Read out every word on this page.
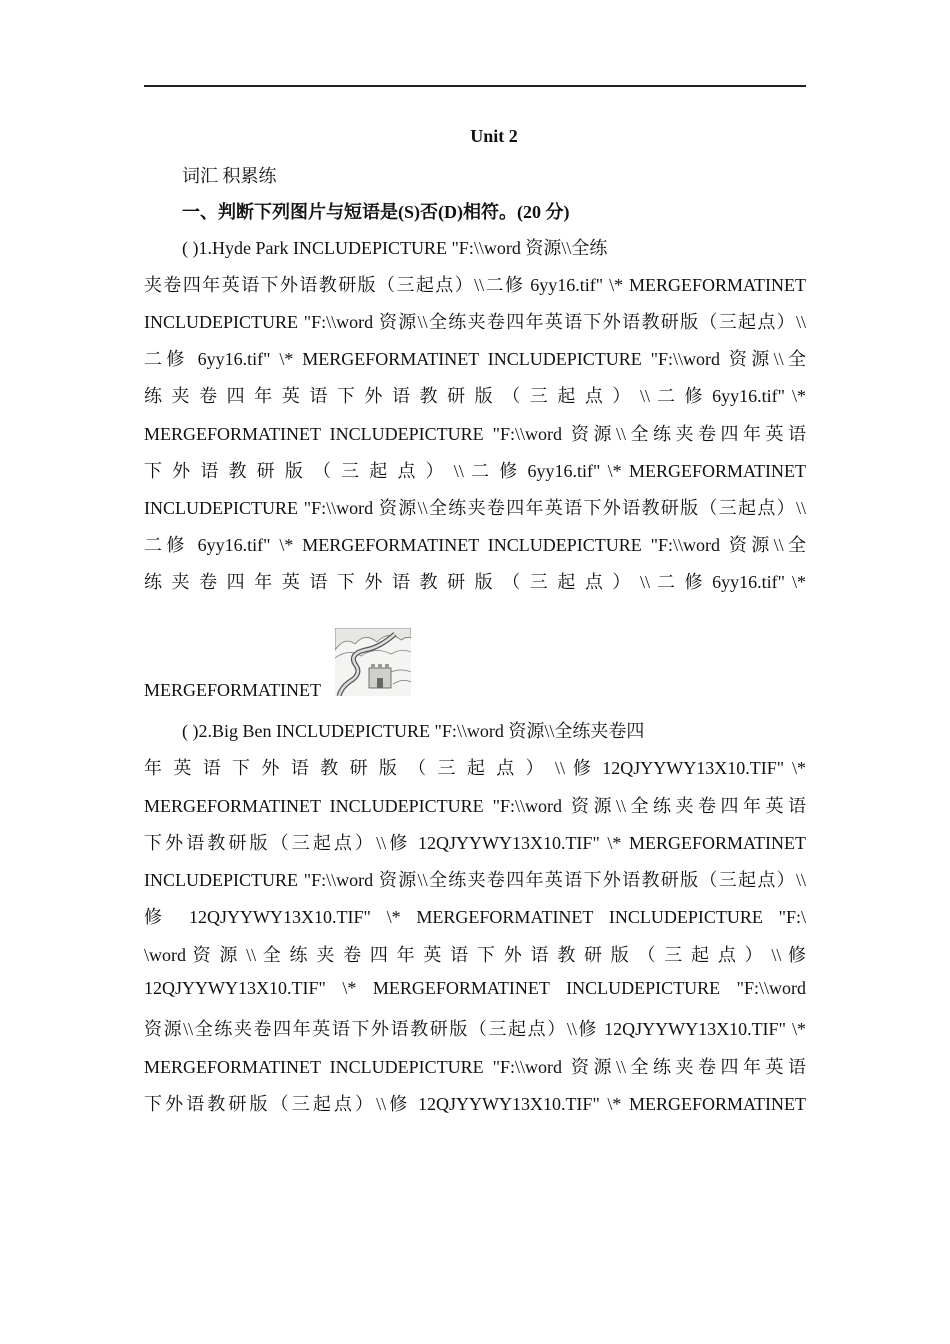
Unit 2
词汇 积累练
一、判断下列图片与短语是(S)否(D)相符。(20 分)
( )1.Hyde Park INCLUDEPICTURE "F:\\word 资源\\全练
夹卷四年英语下外语教研版（三起点）\\二修 6yy16.tif" \* MERGEFORMATINET
INCLUDEPICTURE "F:\\word 资源\\全练夹卷四年英语下外语教研版（三起点）\\
二修 6yy16.tif" \* MERGEFORMATINET INCLUDEPICTURE "F:\\word 资源\\全
练 夹 卷 四 年 英 语 下 外 语 教 研 版 （ 三 起 点 ） \\ 二 修 6yy16.tif" \*
MERGEFORMATINET INCLUDEPICTURE "F:\\word 资源\\全练夹卷四年英语
下 外 语 教 研 版 （ 三 起 点 ） \\ 二 修 6yy16.tif" \* MERGEFORMATINET
INCLUDEPICTURE "F:\\word 资源\\全练夹卷四年英语下外语教研版（三起点）\\
二修 6yy16.tif" \* MERGEFORMATINET INCLUDEPICTURE "F:\\word 资源\\全
练 夹 卷 四 年 英 语 下 外 语 教 研 版 （ 三 起 点 ） \\ 二 修 6yy16.tif" \*
MERGEFORMATINET
( )2.Big Ben INCLUDEPICTURE "F:\\word 资源\\全练夹卷四
年 英 语 下 外 语 教 研 版 （ 三 起 点 ） \\ 修 12QJYYWY13X10.TIF" \*
MERGEFORMATINET INCLUDEPICTURE "F:\\word 资源\\全练夹卷四年英语
下外语教研版（三起点）\\修 12QJYYWY13X10.TIF" \* MERGEFORMATINET
INCLUDEPICTURE "F:\\word 资源\\全练夹卷四年英语下外语教研版（三起点）\\
修 12QJYYWY13X10.TIF" \* MERGEFORMATINET INCLUDEPICTURE "F:\
\word 资 源 \\ 全 练 夹 卷 四 年 英 语 下 外 语 教 研 版 （ 三 起 点 ） \\ 修
12QJYYWY13X10.TIF" \* MERGEFORMATINET INCLUDEPICTURE "F:\\word
资源\\全练夹卷四年英语下外语教研版（三起点）\\修 12QJYYWY13X10.TIF" \*
MERGEFORMATINET INCLUDEPICTURE "F:\\word 资源\\全练夹卷四年英语
下外语教研版（三起点）\\修 12QJYYWY13X10.TIF" \* MERGEFORMATINET
